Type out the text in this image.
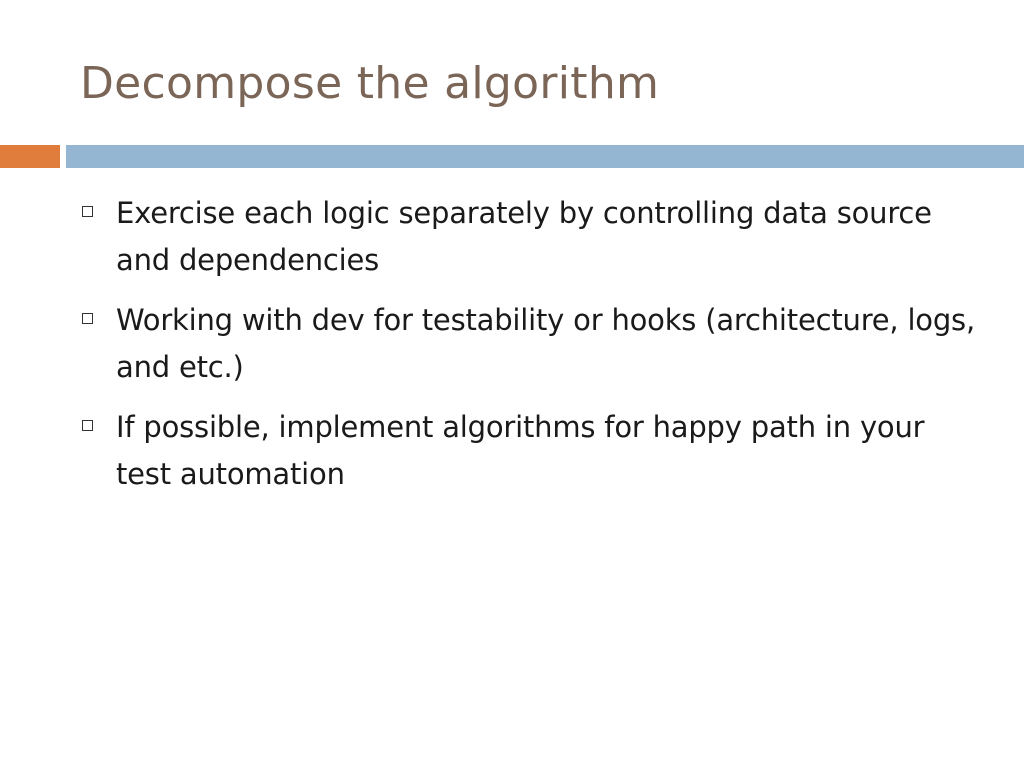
Decompose the algorithm
Exercise each logic separately by controlling data source and dependencies
Working with dev for testability or hooks (architecture, logs, and etc.)
If possible, implement algorithms for happy path in your test automation
